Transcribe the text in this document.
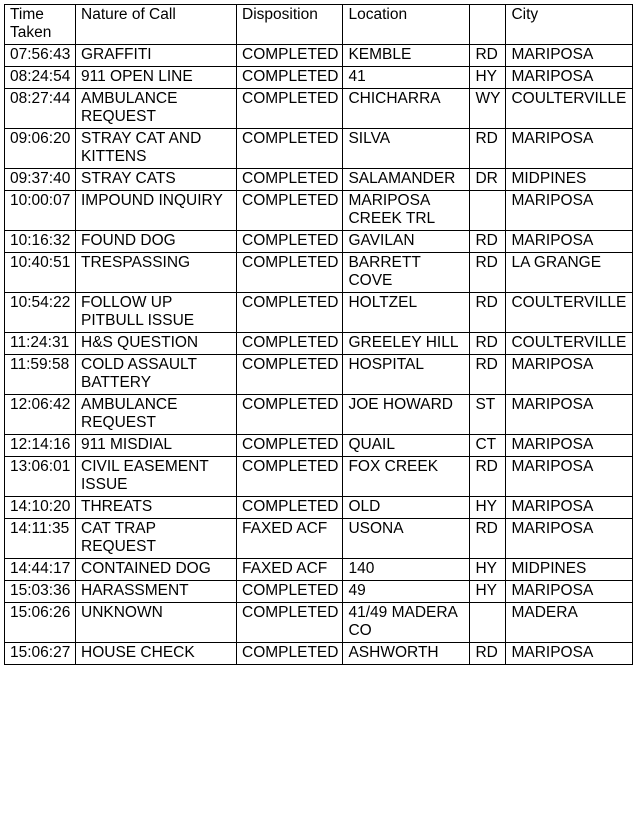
Time Taken	Nature of Call	Disposition	Location		City
07:56:43	GRAFFITI	COMPLETED	KEMBLE	RD	MARIPOSA
08:24:54	911 OPEN LINE	COMPLETED	41	HY	MARIPOSA
08:27:44	AMBULANCE REQUEST	COMPLETED	CHICHARRA	WY	COULTERVILLE
09:06:20	STRAY CAT AND KITTENS	COMPLETED	SILVA	RD	MARIPOSA
09:37:40	STRAY CATS	COMPLETED	SALAMANDER	DR	MIDPINES
10:00:07	IMPOUND INQUIRY	COMPLETED	MARIPOSA CREEK TRL		MARIPOSA
10:16:32	FOUND DOG	COMPLETED	GAVILAN	RD	MARIPOSA
10:40:51	TRESPASSING	COMPLETED	BARRETT COVE	RD	LA GRANGE
10:54:22	FOLLOW UP PITBULL ISSUE	COMPLETED	HOLTZEL	RD	COULTERVILLE
11:24:31	H&S QUESTION	COMPLETED	GREELEY HILL	RD	COULTERVILLE
11:59:58	COLD ASSAULT BATTERY	COMPLETED	HOSPITAL	RD	MARIPOSA
12:06:42	AMBULANCE REQUEST	COMPLETED	JOE HOWARD	ST	MARIPOSA
12:14:16	911 MISDIAL	COMPLETED	QUAIL	CT	MARIPOSA
13:06:01	CIVIL EASEMENT ISSUE	COMPLETED	FOX CREEK	RD	MARIPOSA
14:10:20	THREATS	COMPLETED	OLD	HY	MARIPOSA
14:11:35	CAT TRAP REQUEST	FAXED ACF	USONA	RD	MARIPOSA
14:44:17	CONTAINED DOG	FAXED ACF	140	HY	MIDPINES
15:03:36	HARASSMENT	COMPLETED	49	HY	MARIPOSA
15:06:26	UNKNOWN	COMPLETED	41/49 MADERA CO		MADERA
15:06:27	HOUSE CHECK	COMPLETED	ASHWORTH	RD	MARIPOSA
